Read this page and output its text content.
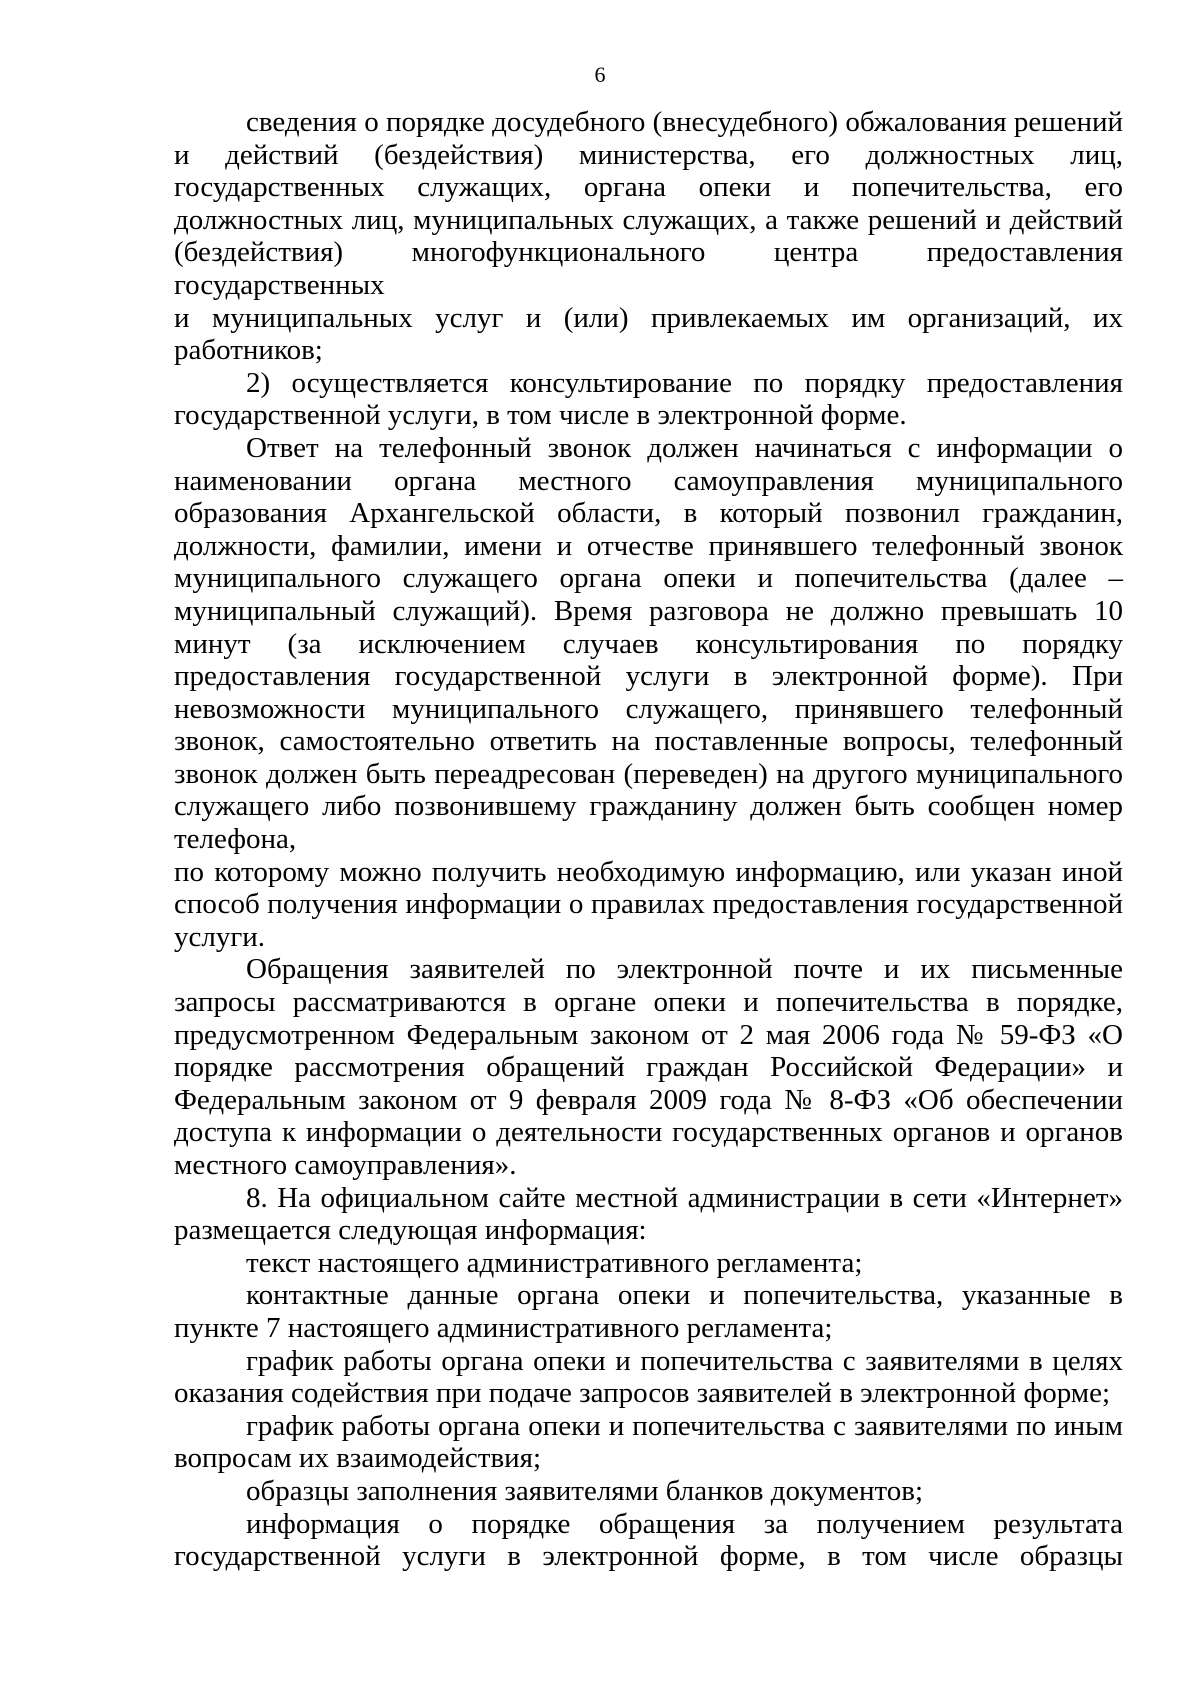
6

сведения о порядке досудебного (внесудебного) обжалования решений и действий (бездействия) министерства, его должностных лиц, государственных служащих, органа опеки и попечительства, его должностных лиц, муниципальных служащих, а также решений и действий (бездействия) многофункционального центра предоставления государственных

и муниципальных услуг и (или) привлекаемых им организаций, их работников;

2) осуществляется консультирование по порядку предоставления государственной услуги, в том числе в электронной форме.

Ответ на телефонный звонок должен начинаться с информации о наименовании органа местного самоуправления муниципального образования Архангельской области, в который позвонил гражданин, должности, фамилии, имени и отчестве принявшего телефонный звонок муниципального служащего органа опеки и попечительства (далее – муниципальный служащий). Время разговора не должно превышать 10 минут (за исключением случаев консультирования по порядку предоставления государственной услуги в электронной форме). При невозможности муниципального служащего, принявшего телефонный звонок, самостоятельно ответить на поставленные вопросы, телефонный звонок должен быть переадресован (переведен) на другого муниципального служащего либо позвонившему гражданину должен быть сообщен номер телефона,

по которому можно получить необходимую информацию, или указан иной способ получения информации о правилах предоставления государственной услуги.

Обращения заявителей по электронной почте и их письменные запросы рассматриваются в органе опеки и попечительства в порядке, предусмотренном Федеральным законом от 2 мая 2006 года № 59-ФЗ «О порядке рассмотрения обращений граждан Российской Федерации» и Федеральным законом от 9 февраля 2009 года № 8-ФЗ «Об обеспечении доступа к информации о деятельности государственных органов и органов местного самоуправления».

8. На официальном сайте местной администрации в сети «Интернет» размещается следующая информация:

текст настоящего административного регламента;

контактные данные органа опеки и попечительства, указанные в пункте 7 настоящего административного регламента;

график работы органа опеки и попечительства с заявителями в целях оказания содействия при подаче запросов заявителей в электронной форме;

график работы органа опеки и попечительства с заявителями по иным вопросам их взаимодействия;

образцы заполнения заявителями бланков документов;

информация о порядке обращения за получением результата государственной услуги в электронной форме, в том числе образцы
